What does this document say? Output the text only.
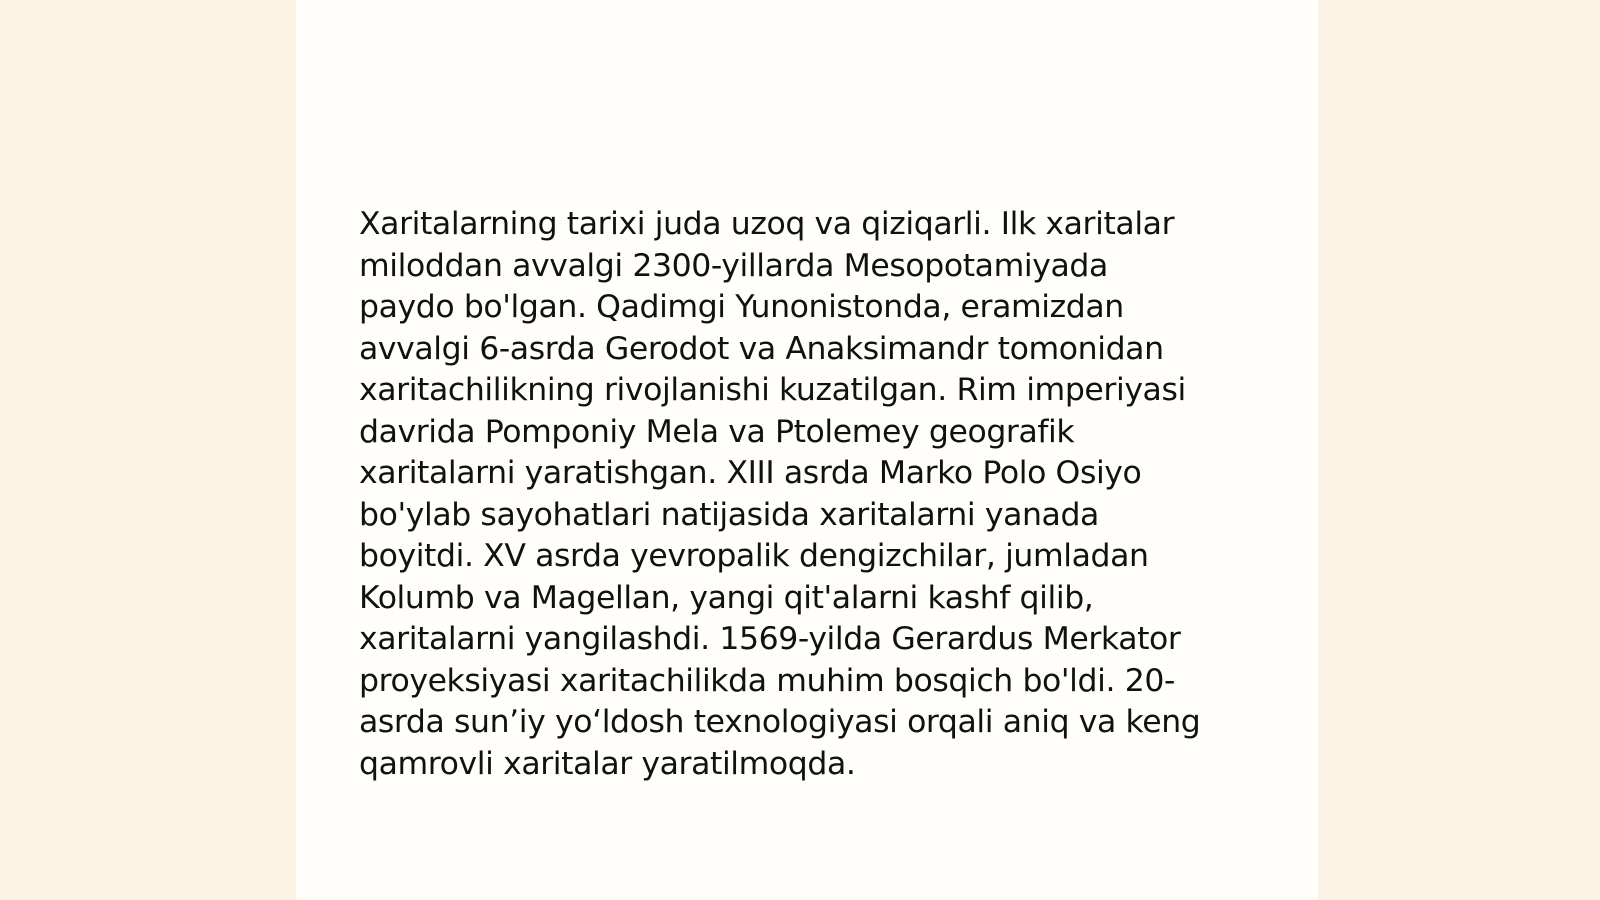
Xaritalarning tarixi juda uzoq va qiziqarli. Ilk xaritalar
miloddan avvalgi 2300-yillarda Mesopotamiyada
paydo bo'lgan. Qadimgi Yunonistonda, eramizdan
avvalgi 6-asrda Gerodot va Anaksimandr tomonidan
xaritachilikning rivojlanishi kuzatilgan. Rim imperiyasi
davrida Pomponiy Mela va Ptolemey geografik
xaritalarni yaratishgan. XIII asrda Marko Polo Osiyo
bo'ylab sayohatlari natijasida xaritalarni yanada
boyitdi. XV asrda yevropalik dengizchilar, jumladan
Kolumb va Magellan, yangi qit'alarni kashf qilib,
xaritalarni yangilashdi. 1569-yilda Gerardus Merkator
proyeksiyasi xaritachilikda muhim bosqich bo'ldi. 20-
asrda sun’iy yo‘ldosh texnologiyasi orqali aniq va keng
qamrovli xaritalar yaratilmoqda.
